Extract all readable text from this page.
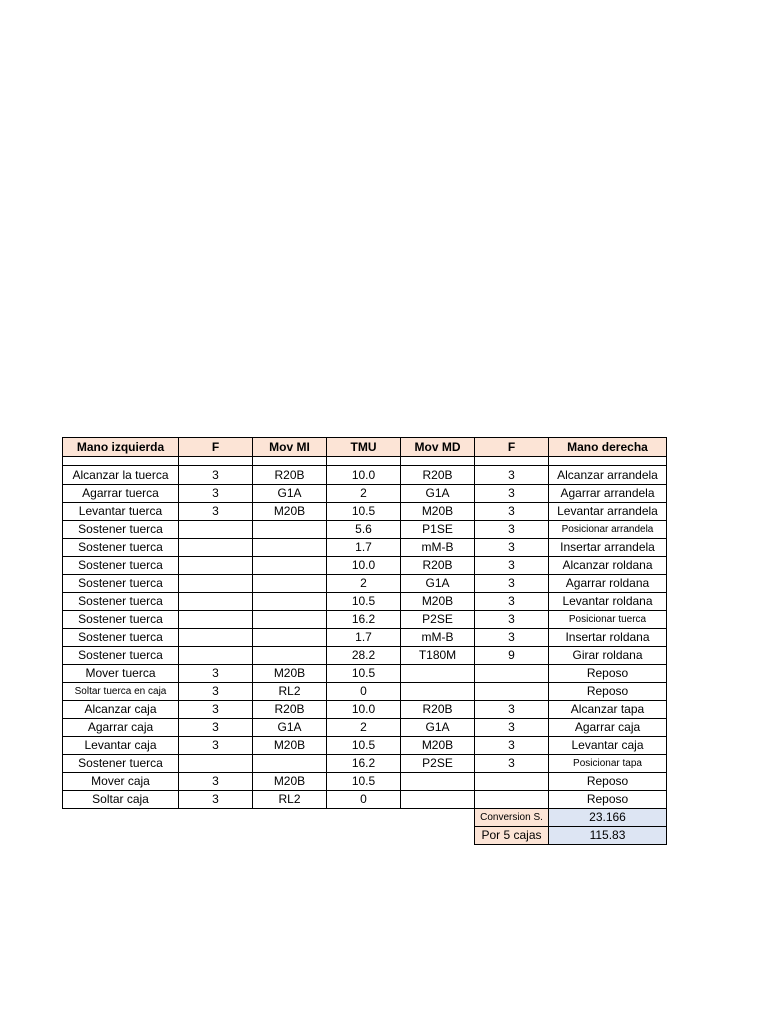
Mano izquierda	F	Mov MI	TMU	Mov MD	F	Mano derecha

Alcanzar la tuerca	3	R20B	10.0	R20B	3	Alcanzar arrandela
Agarrar tuerca	3	G1A	2	G1A	3	Agarrar arrandela
Levantar tuerca	3	M20B	10.5	M20B	3	Levantar arrandela
Sostener tuerca			5.6	P1SE	3	Posicionar arrandela
Sostener tuerca			1.7	mM-B	3	Insertar arrandela
Sostener tuerca			10.0	R20B	3	Alcanzar roldana
Sostener tuerca			2	G1A	3	Agarrar roldana
Sostener tuerca			10.5	M20B	3	Levantar roldana
Sostener tuerca			16.2	P2SE	3	Posicionar tuerca
Sostener tuerca			1.7	mM-B	3	Insertar roldana
Sostener tuerca			28.2	T180M	9	Girar roldana
Mover tuerca	3	M20B	10.5			Reposo
Soltar tuerca en caja	3	RL2	0			Reposo
Alcanzar caja	3	R20B	10.0	R20B	3	Alcanzar tapa
Agarrar caja	3	G1A	2	G1A	3	Agarrar caja
Levantar caja	3	M20B	10.5	M20B	3	Levantar caja
Sostener tuerca			16.2	P2SE	3	Posicionar tapa
Mover caja	3	M20B	10.5			Reposo
Soltar caja	3	RL2	0			Reposo
					Conversion S.	23.166
					Por 5 cajas	115.83
